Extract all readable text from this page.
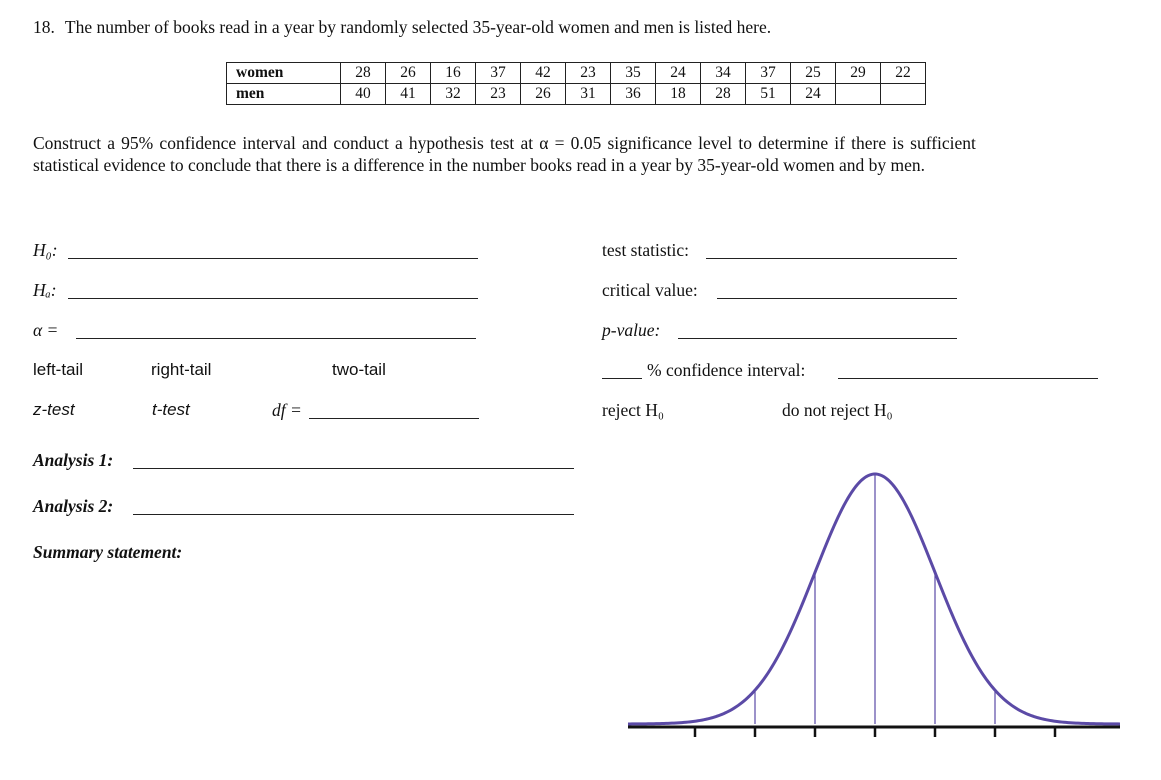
18. The number of books read in a year by randomly selected 35-year-old women and men is listed here.
women	28	26	16	37	42	23	35	24	34	37	25	29	22
men	40	41	32	23	26	31	36	18	28	51	24		
Construct a 95% confidence interval and conduct a hypothesis test at α = 0.05 significance level to determine if there is sufficient
statistical evidence to conclude that there is a difference in the number books read in a year by 35-year-old women and by men.
H₀:
Hₐ:
α =
left-tail	right-tail	two-tail
z-test	t-test	df =
Analysis 1:
Analysis 2:
Summary statement:
test statistic:
critical value:
p-value:
% confidence interval:
reject H₀	do not reject H₀
